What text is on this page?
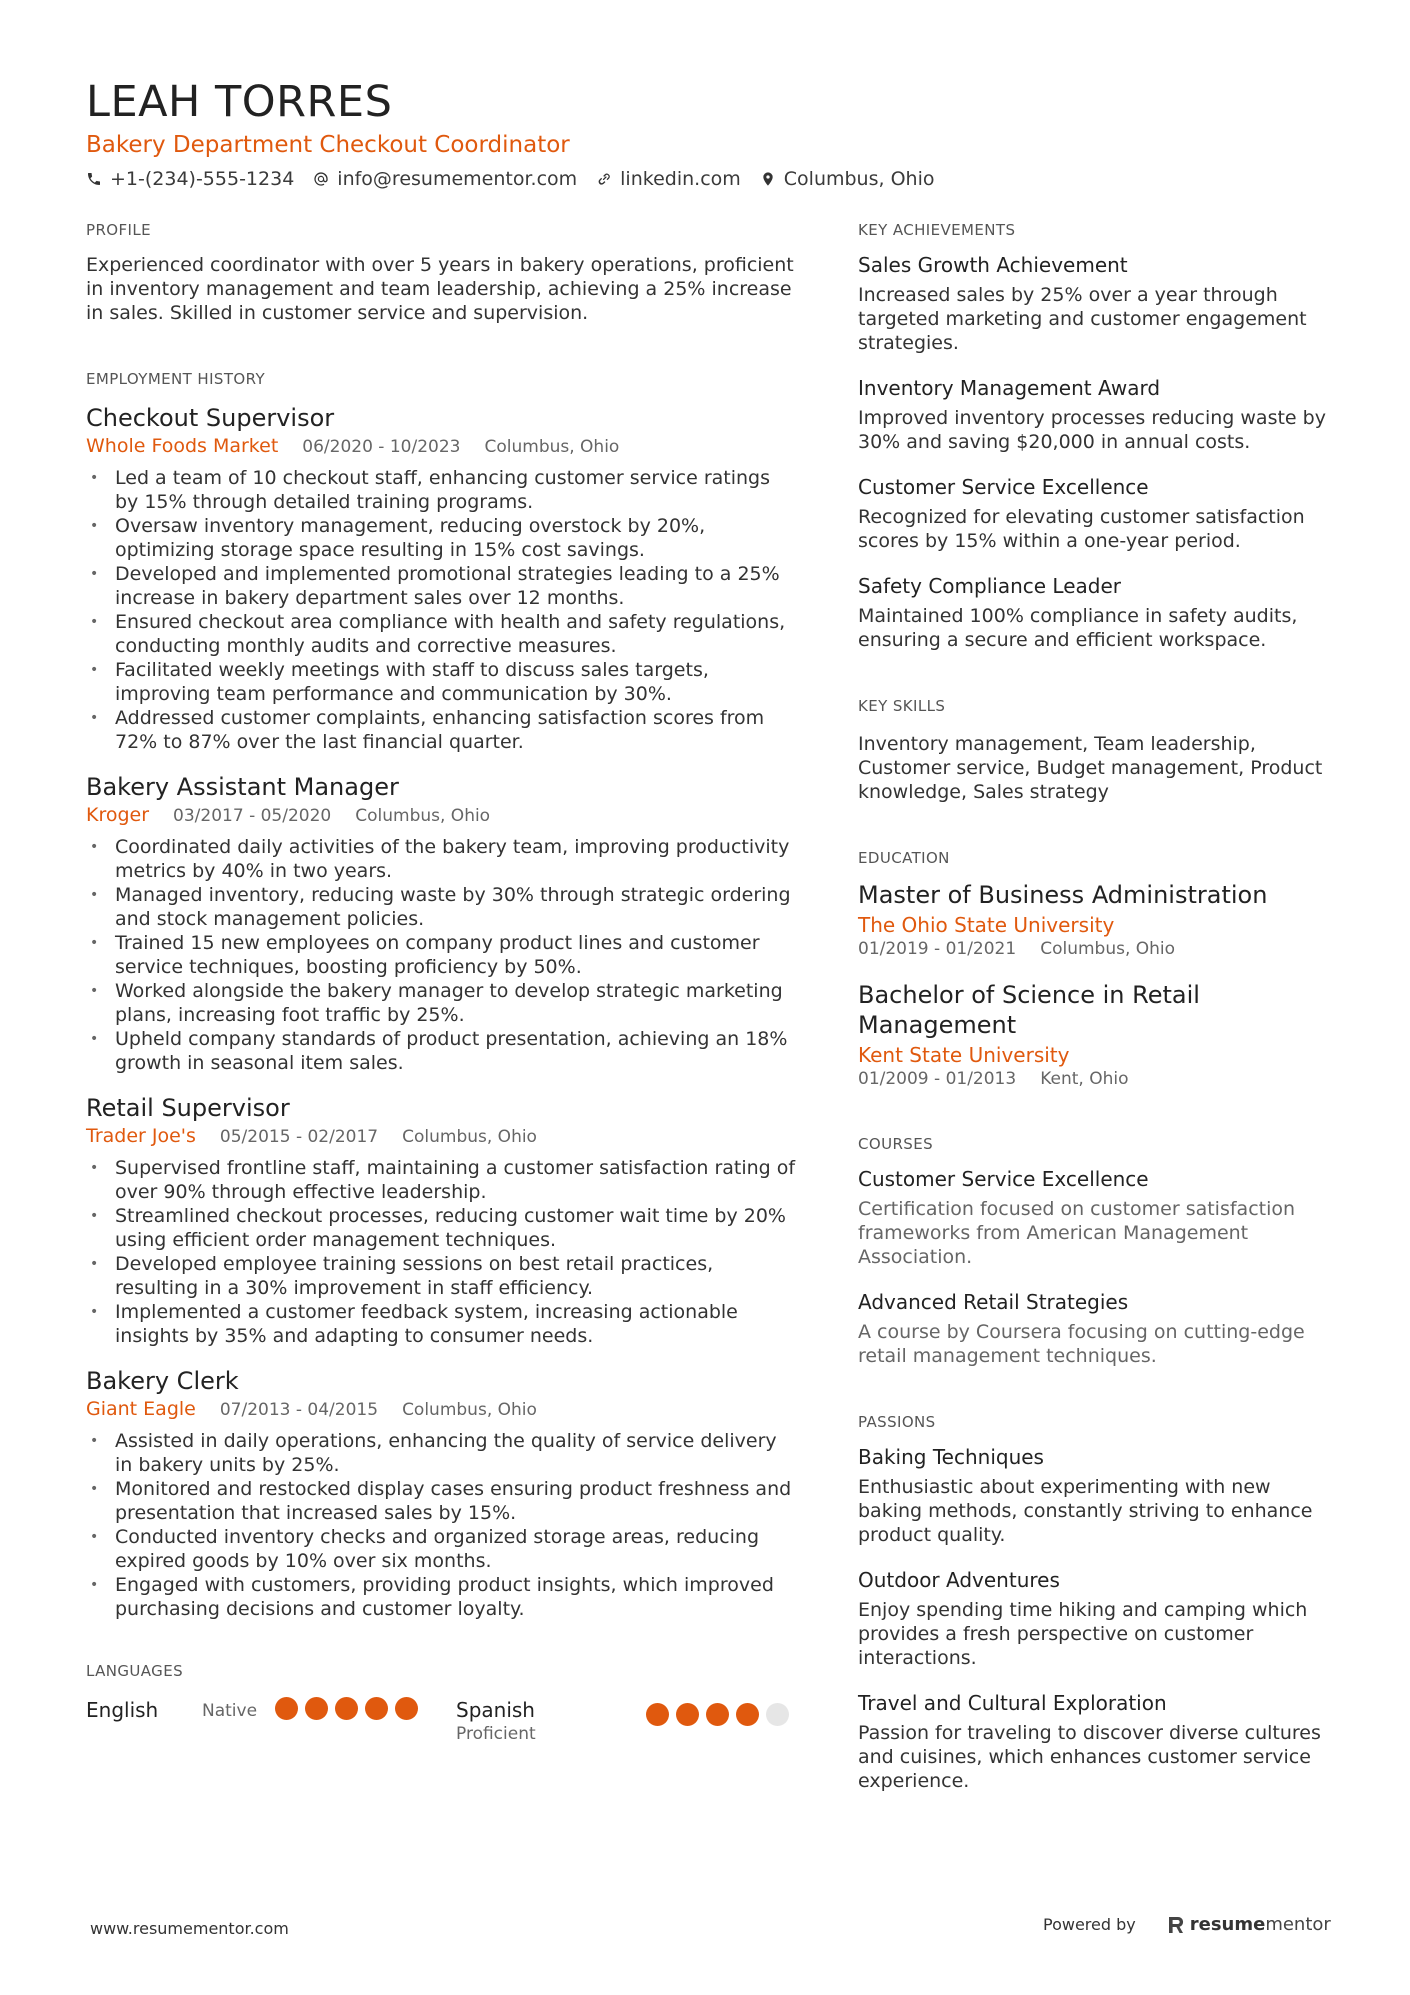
LEAH TORRES
Bakery Department Checkout Coordinator
+1-(234)-555-1234 info@resumementor.com linkedin.com Columbus, Ohio
PROFILE
Experienced coordinator with over 5 years in bakery operations, proficient in inventory management and team leadership, achieving a 25% increase in sales. Skilled in customer service and supervision.
EMPLOYMENT HISTORY
Checkout Supervisor
Whole Foods Market 06/2020 - 10/2023 Columbus, Ohio
• Led a team of 10 checkout staff, enhancing customer service ratings by 15% through detailed training programs.
• Oversaw inventory management, reducing overstock by 20%, optimizing storage space resulting in 15% cost savings.
• Developed and implemented promotional strategies leading to a 25% increase in bakery department sales over 12 months.
• Ensured checkout area compliance with health and safety regulations, conducting monthly audits and corrective measures.
• Facilitated weekly meetings with staff to discuss sales targets, improving team performance and communication by 30%.
• Addressed customer complaints, enhancing satisfaction scores from 72% to 87% over the last financial quarter.
Bakery Assistant Manager
Kroger 03/2017 - 05/2020 Columbus, Ohio
• Coordinated daily activities of the bakery team, improving productivity metrics by 40% in two years.
• Managed inventory, reducing waste by 30% through strategic ordering and stock management policies.
• Trained 15 new employees on company product lines and customer service techniques, boosting proficiency by 50%.
• Worked alongside the bakery manager to develop strategic marketing plans, increasing foot traffic by 25%.
• Upheld company standards of product presentation, achieving an 18% growth in seasonal item sales.
Retail Supervisor
Trader Joe's 05/2015 - 02/2017 Columbus, Ohio
• Supervised frontline staff, maintaining a customer satisfaction rating of over 90% through effective leadership.
• Streamlined checkout processes, reducing customer wait time by 20% using efficient order management techniques.
• Developed employee training sessions on best retail practices, resulting in a 30% improvement in staff efficiency.
• Implemented a customer feedback system, increasing actionable insights by 35% and adapting to consumer needs.
Bakery Clerk
Giant Eagle 07/2013 - 04/2015 Columbus, Ohio
• Assisted in daily operations, enhancing the quality of service delivery in bakery units by 25%.
• Monitored and restocked display cases ensuring product freshness and presentation that increased sales by 15%.
• Conducted inventory checks and organized storage areas, reducing expired goods by 10% over six months.
• Engaged with customers, providing product insights, which improved purchasing decisions and customer loyalty.
LANGUAGES
English	Native	Spanish
Proficient
KEY ACHIEVEMENTS
Sales Growth Achievement
Increased sales by 25% over a year through targeted marketing and customer engagement strategies.
Inventory Management Award
Improved inventory processes reducing waste by 30% and saving $20,000 in annual costs.
Customer Service Excellence
Recognized for elevating customer satisfaction scores by 15% within a one-year period.
Safety Compliance Leader
Maintained 100% compliance in safety audits, ensuring a secure and efficient workspace.
KEY SKILLS
Inventory management, Team leadership, Customer service, Budget management, Product knowledge, Sales strategy
EDUCATION
Master of Business Administration
The Ohio State University
01/2019 - 01/2021 Columbus, Ohio
Bachelor of Science in Retail Management
Kent State University
01/2009 - 01/2013 Kent, Ohio
COURSES
Customer Service Excellence
Certification focused on customer satisfaction frameworks from American Management Association.
Advanced Retail Strategies
A course by Coursera focusing on cutting-edge retail management techniques.
PASSIONS
Baking Techniques
Enthusiastic about experimenting with new baking methods, constantly striving to enhance product quality.
Outdoor Adventures
Enjoy spending time hiking and camping which provides a fresh perspective on customer interactions.
Travel and Cultural Exploration
Passion for traveling to discover diverse cultures and cuisines, which enhances customer service experience.
www.resumementor.com	Powered by	resume mentor
